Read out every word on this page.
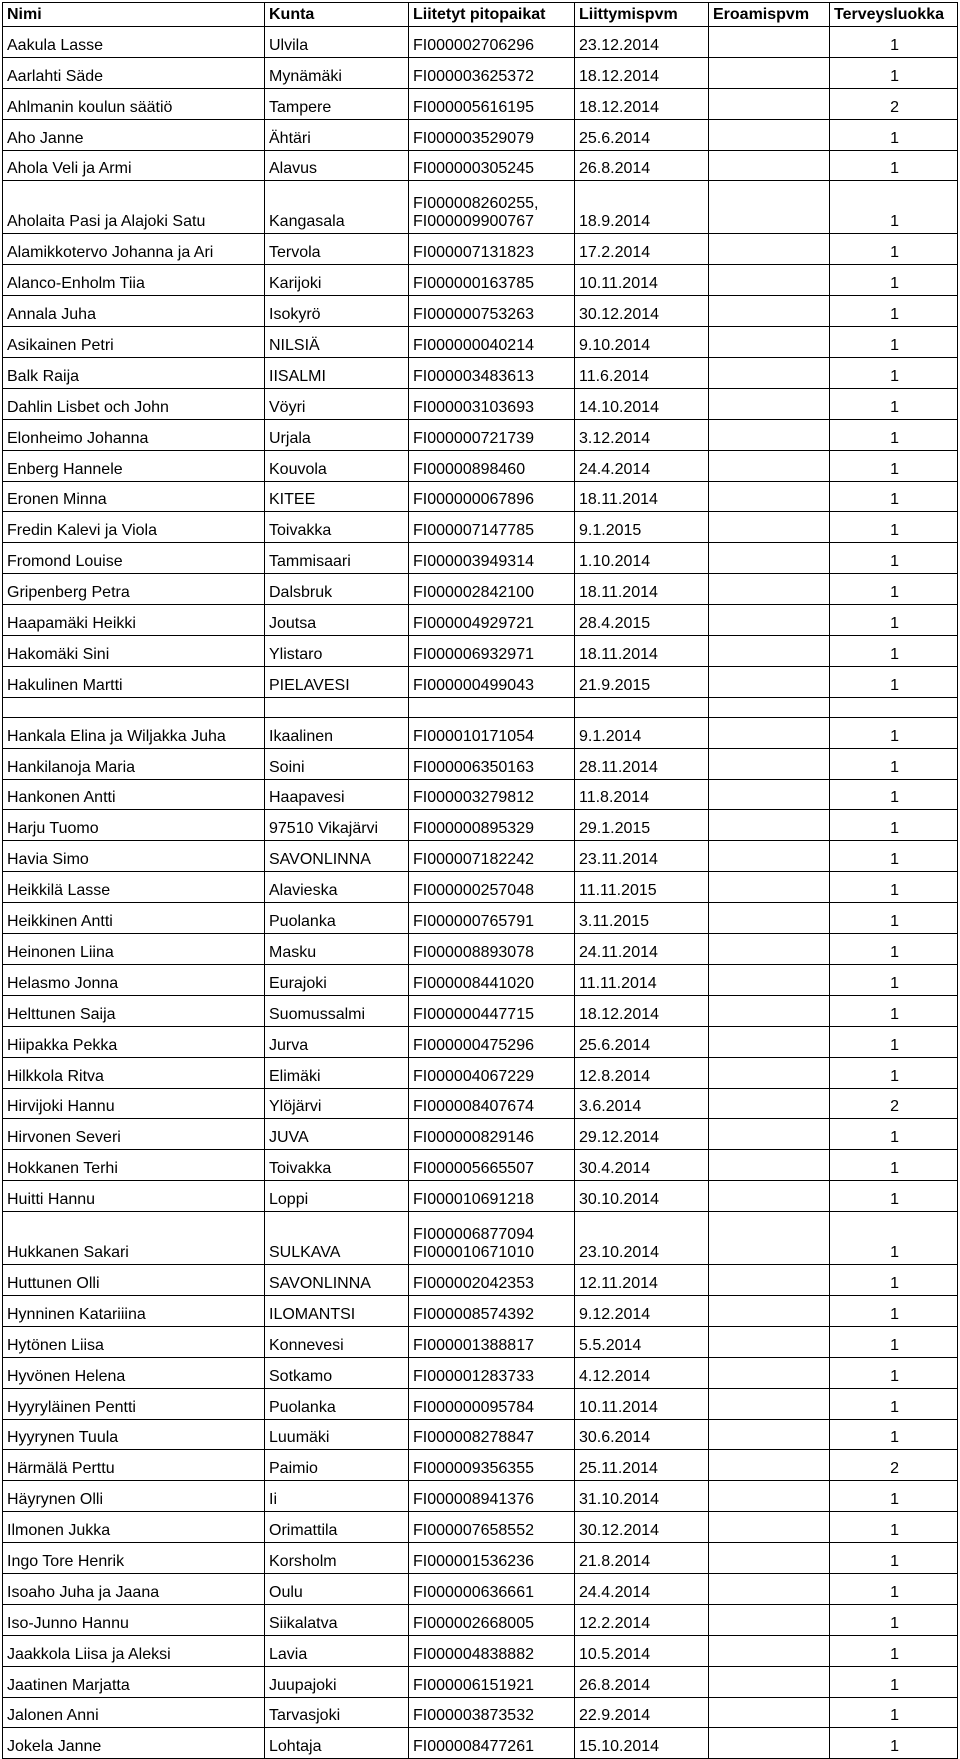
Nimi	Kunta	Liitetyt pitopaikat	Liittymispvm	Eroamispvm	Terveysluokka
Aakula Lasse	Ulvila	FI000002706296	23.12.2014		1
Aarlahti Säde	Mynämäki	FI000003625372	18.12.2014		1
Ahlmanin koulun säätiö	Tampere	FI000005616195	18.12.2014		2
Aho Janne	Ähtäri	FI000003529079	25.6.2014		1
Ahola Veli ja Armi	Alavus	FI000000305245	26.8.2014		1
Aholaita Pasi ja Alajoki Satu	Kangasala	FI000008260255,
FI000009900767	18.9.2014		1
Alamikkotervo Johanna ja Ari	Tervola	FI000007131823	17.2.2014		1
Alanco-Enholm Tiia	Karijoki	FI000000163785	10.11.2014		1
Annala Juha	Isokyrö	FI000000753263	30.12.2014		1
Asikainen Petri	NILSIÄ	FI000000040214	9.10.2014		1
Balk Raija	IISALMI	FI000003483613	11.6.2014		1
Dahlin Lisbet och John	Vöyri	FI000003103693	14.10.2014		1
Elonheimo Johanna	Urjala	FI000000721739	3.12.2014		1
Enberg Hannele	Kouvola	FI00000898460	24.4.2014		1
Eronen Minna	KITEE	FI000000067896	18.11.2014		1
Fredin Kalevi ja Viola	Toivakka	FI000007147785	9.1.2015		1
Fromond Louise	Tammisaari	FI000003949314	1.10.2014		1
Gripenberg Petra	Dalsbruk	FI000002842100	18.11.2014		1
Haapamäki Heikki	Joutsa	FI000004929721	28.4.2015		1
Hakomäki Sini	Ylistaro	FI000006932971	18.11.2014		1
Hakulinen Martti	PIELAVESI	FI000000499043	21.9.2015		1

Hankala Elina ja Wiljakka Juha	Ikaalinen	FI000010171054	9.1.2014		1
Hankilanoja Maria	Soini	FI000006350163	28.11.2014		1
Hankonen Antti	Haapavesi	FI000003279812	11.8.2014		1
Harju Tuomo	97510 Vikajärvi	FI000000895329	29.1.2015		1
Havia Simo	SAVONLINNA	FI000007182242	23.11.2014		1
Heikkilä Lasse	Alavieska	FI000000257048	11.11.2015		1
Heikkinen Antti	Puolanka	FI000000765791	3.11.2015		1
Heinonen Liina	Masku	FI000008893078	24.11.2014		1
Helasmo Jonna	Eurajoki	FI000008441020	11.11.2014		1
Helttunen Saija	Suomussalmi	FI000000447715	18.12.2014		1
Hiipakka Pekka	Jurva	FI000000475296	25.6.2014		1
Hilkkola Ritva	Elimäki	FI000004067229	12.8.2014		1
Hirvijoki Hannu	Ylöjärvi	FI000008407674	3.6.2014		2
Hirvonen Severi	JUVA	FI000000829146	29.12.2014		1
Hokkanen Terhi	Toivakka	FI000005665507	30.4.2014		1
Huitti Hannu	Loppi	FI000010691218	30.10.2014		1
Hukkanen Sakari	SULKAVA	FI000006877094
FI000010671010	23.10.2014		1
Huttunen Olli	SAVONLINNA	FI000002042353	12.11.2014		1
Hynninen Katariiina	ILOMANTSI	FI000008574392	9.12.2014		1
Hytönen Liisa	Konnevesi	FI000001388817	5.5.2014		1
Hyvönen Helena	Sotkamo	FI000001283733	4.12.2014		1
Hyyryläinen Pentti	Puolanka	FI000000095784	10.11.2014		1
Hyyrynen Tuula	Luumäki	FI000008278847	30.6.2014		1
Härmälä Perttu	Paimio	FI000009356355	25.11.2014		2
Häyrynen Olli	Ii	FI000008941376	31.10.2014		1
Ilmonen Jukka	Orimattila	FI000007658552	30.12.2014		1
Ingo Tore Henrik	Korsholm	FI000001536236	21.8.2014		1
Isoaho Juha ja Jaana	Oulu	FI000000636661	24.4.2014		1
Iso-Junno Hannu	Siikalatva	FI000002668005	12.2.2014		1
Jaakkola Liisa ja Aleksi	Lavia	FI000004838882	10.5.2014		1
Jaatinen Marjatta	Juupajoki	FI000006151921	26.8.2014		1
Jalonen Anni	Tarvasjoki	FI000003873532	22.9.2014		1
Jokela Janne	Lohtaja	FI000008477261	15.10.2014		1
